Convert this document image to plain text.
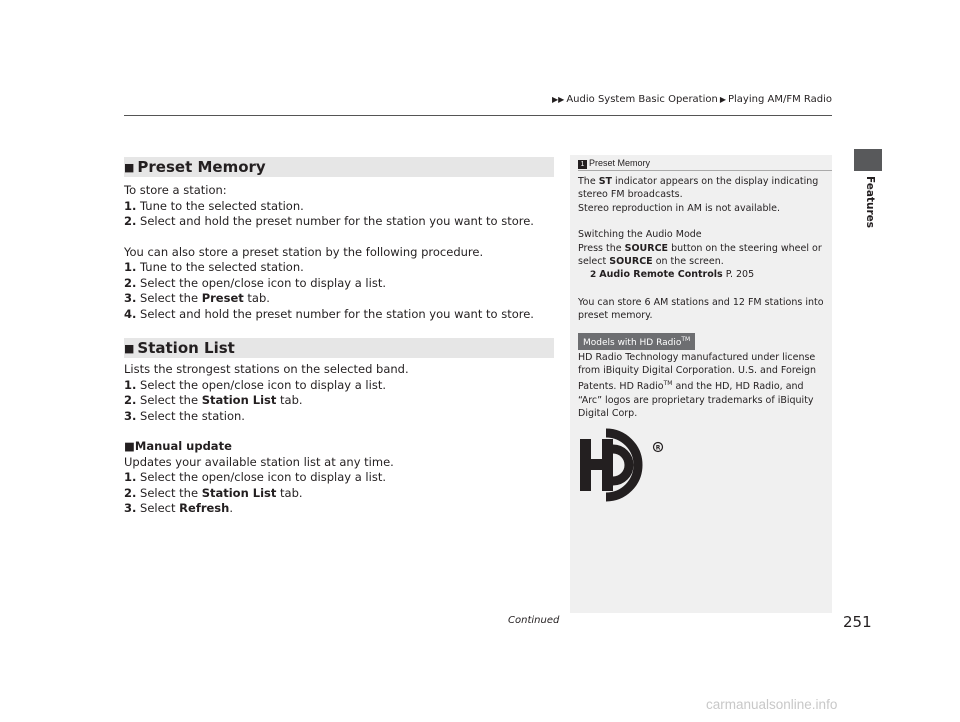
▶▶ Audio System Basic Operation ▶ Playing AM/FM Radio
Features
■ Preset Memory

To store a station:

1. Tune to the selected station.

2. Select and hold the preset number for the station you want to store.

You can also store a preset station by the following procedure.

1. Tune to the selected station.

2. Select the open/close icon to display a list.

3. Select the Preset tab.

4. Select and hold the preset number for the station you want to store.

■ Station List

Lists the strongest stations on the selected band.

1. Select the open/close icon to display a list.

2. Select the Station List tab.

3. Select the station.

■Manual update

Updates your available station list at any time.

1. Select the open/close icon to display a list.

2. Select the Station List tab.

3. Select Refresh.

1 Preset Memory

The ST indicator appears on the display indicating stereo FM broadcasts.

Stereo reproduction in AM is not available.

Switching the Audio Mode

Press the SOURCE button on the steering wheel or select SOURCE on the screen.

2 Audio Remote Controls P. 205

You can store 6 AM stations and 12 FM stations into preset memory.

Models with HD Radio™

HD Radio Technology manufactured under license from iBiquity Digital Corporation. U.S. and Foreign Patents. HD Radio™ and the HD, HD Radio, and “Arc” logos are proprietary trademarks of iBiquity Digital Corp.

R
Continued	251
carmanualsonline.info
